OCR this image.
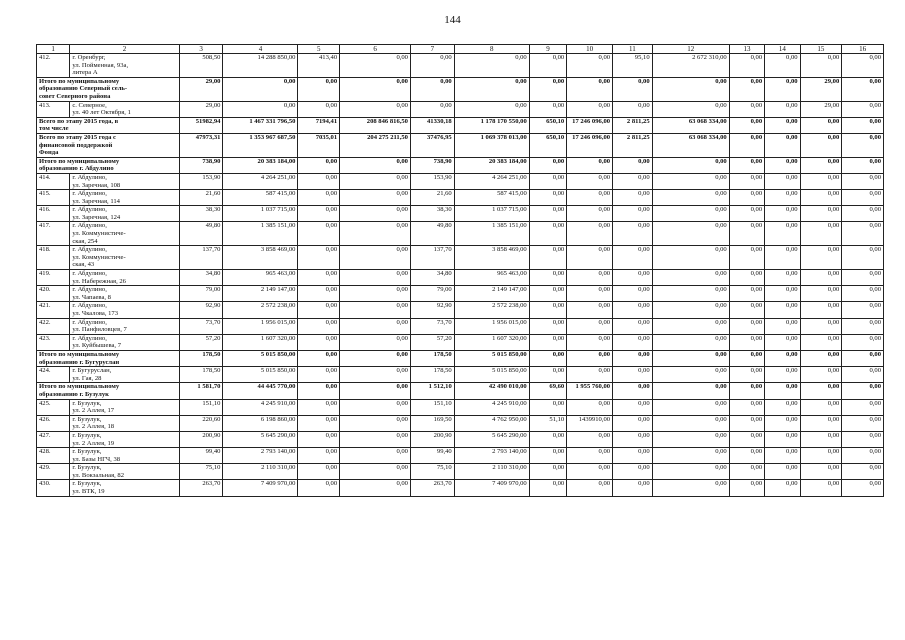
144
1	2	3	4	5	6	7	8	9	10	11	12	13	14	15	16
412.	г. Оренбург,
ул. Пойменная, 93а,
литера А	508,50	14 288 850,00	413,40	0,00	0,00	0,00	0,00	0,00	95,10	2 672 310,00	0,00	0,00	0,00	0,00

Итого по муниципальному
образованию Северный сель-
совет Северного района		29,00	0,00	0,00	0,00	0,00	0,00	0,00	0,00	0,00	0,00	0,00	0,00	29,00	0,00
413.	с. Северное,
ул. 40 лет Октября, 1	29,00	0,00	0,00	0,00	0,00	0,00	0,00	0,00	0,00	0,00	0,00	0,00	29,00	0,00

Всего по этапу 2015 года, в
том числе		51982,94	1 467 331 796,50	7194,41	208 846 816,50	41330,18	1 178 170 550,00	650,10	17 246 096,00	2 811,25	63 068 334,00	0,00	0,00	0,00	0,00

Всего по этапу 2015 года с
финансовой поддержкой
Фонда		47973,31	1 353 967 687,50	7035,01	204 275 211,50	37476,95	1 069 378 013,00	650,10	17 246 096,00	2 811,25	63 068 334,00	0,00	0,00	0,00	0,00

Итого по муниципальному
образованию г. Абдулино		738,90	20 383 184,00	0,00	0,00	738,90	20 383 184,00	0,00	0,00	0,00	0,00	0,00	0,00	0,00	0,00
414.	г. Абдулино,
ул. Заречная, 108	153,90	4 264 251,00	0,00	0,00	153,90	4 264 251,00	0,00	0,00	0,00	0,00	0,00	0,00	0,00	0,00
415.	г. Абдулино,
ул. Заречная, 114	21,60	587 415,00	0,00	0,00	21,60	587 415,00	0,00	0,00	0,00	0,00	0,00	0,00	0,00	0,00
416.	г. Абдулино,
ул. Заречная, 124	38,30	1 037 715,00	0,00	0,00	38,30	1 037 715,00	0,00	0,00	0,00	0,00	0,00	0,00	0,00	0,00
417.	г. Абдулино,
ул. Коммунистиче-
ская, 254	49,80	1 385 151,00	0,00	0,00	49,80	1 385 151,00	0,00	0,00	0,00	0,00	0,00	0,00	0,00	0,00
418.	г. Абдулино,
ул. Коммунистиче-
ская, 43	137,70	3 858 469,00	0,00	0,00	137,70	3 858 469,00	0,00	0,00	0,00	0,00	0,00	0,00	0,00	0,00
419.	г. Абдулино,
ул. Набережная, 26	34,80	965 463,00	0,00	0,00	34,80	965 463,00	0,00	0,00	0,00	0,00	0,00	0,00	0,00	0,00
420.	г. Абдулино,
ул. Чапаева, 8	79,00	2 149 147,00	0,00	0,00	79,00	2 149 147,00	0,00	0,00	0,00	0,00	0,00	0,00	0,00	0,00
421.	г. Абдулино,
ул. Чкалова, 173	92,90	2 572 238,00	0,00	0,00	92,90	2 572 238,00	0,00	0,00	0,00	0,00	0,00	0,00	0,00	0,00
422.	г. Абдулино,
ул. Панфиловцев, 7	73,70	1 956 015,00	0,00	0,00	73,70	1 956 015,00	0,00	0,00	0,00	0,00	0,00	0,00	0,00	0,00
423.	г. Абдулино,
ул. Куйбышева, 7	57,20	1 607 320,00	0,00	0,00	57,20	1 607 320,00	0,00	0,00	0,00	0,00	0,00	0,00	0,00	0,00

Итого по муниципальному
образованию г. Бугуруслан		178,50	5 015 850,00	0,00	0,00	178,50	5 015 850,00	0,00	0,00	0,00	0,00	0,00	0,00	0,00	0,00
424.	г. Бугуруслан,
ул. Гая, 28	178,50	5 015 850,00	0,00	0,00	178,50	5 015 850,00	0,00	0,00	0,00	0,00	0,00	0,00	0,00	0,00

Итого по муниципальному
образованию г. Бузулук		1 581,70	44 445 770,00	0,00	0,00	1 512,10	42 490 010,00	69,60	1 955 760,00	0,00	0,00	0,00	0,00	0,00	0,00
425.	г. Бузулук,
ул. 2 Аллея, 17	151,10	4 245 910,00	0,00	0,00	151,10	4 245 910,00	0,00	0,00	0,00	0,00	0,00	0,00	0,00	0,00
426.	г. Бузулук,
ул. 2 Аллея, 18	220,60	6 198 860,00	0,00	0,00	169,50	4 762 950,00	51,10	1439910,00	0,00	0,00	0,00	0,00	0,00	0,00
427.	г. Бузулук,
ул. 2 Аллея, 19	200,90	5 645 290,00	0,00	0,00	200,90	5 645 290,00	0,00	0,00	0,00	0,00	0,00	0,00	0,00	0,00
428.	г. Бузулук,
ул. Базы НГЧ, 38	99,40	2 793 140,00	0,00	0,00	99,40	2 793 140,00	0,00	0,00	0,00	0,00	0,00	0,00	0,00	0,00
429.	г. Бузулук,
ул. Вокзальная, 82	75,10	2 110 310,00	0,00	0,00	75,10	2 110 310,00	0,00	0,00	0,00	0,00	0,00	0,00	0,00	0,00
430.	г. Бузулук,
ул. ВТК, 19	263,70	7 409 970,00	0,00	0,00	263,70	7 409 970,00	0,00	0,00	0,00	0,00	0,00	0,00	0,00	0,00
